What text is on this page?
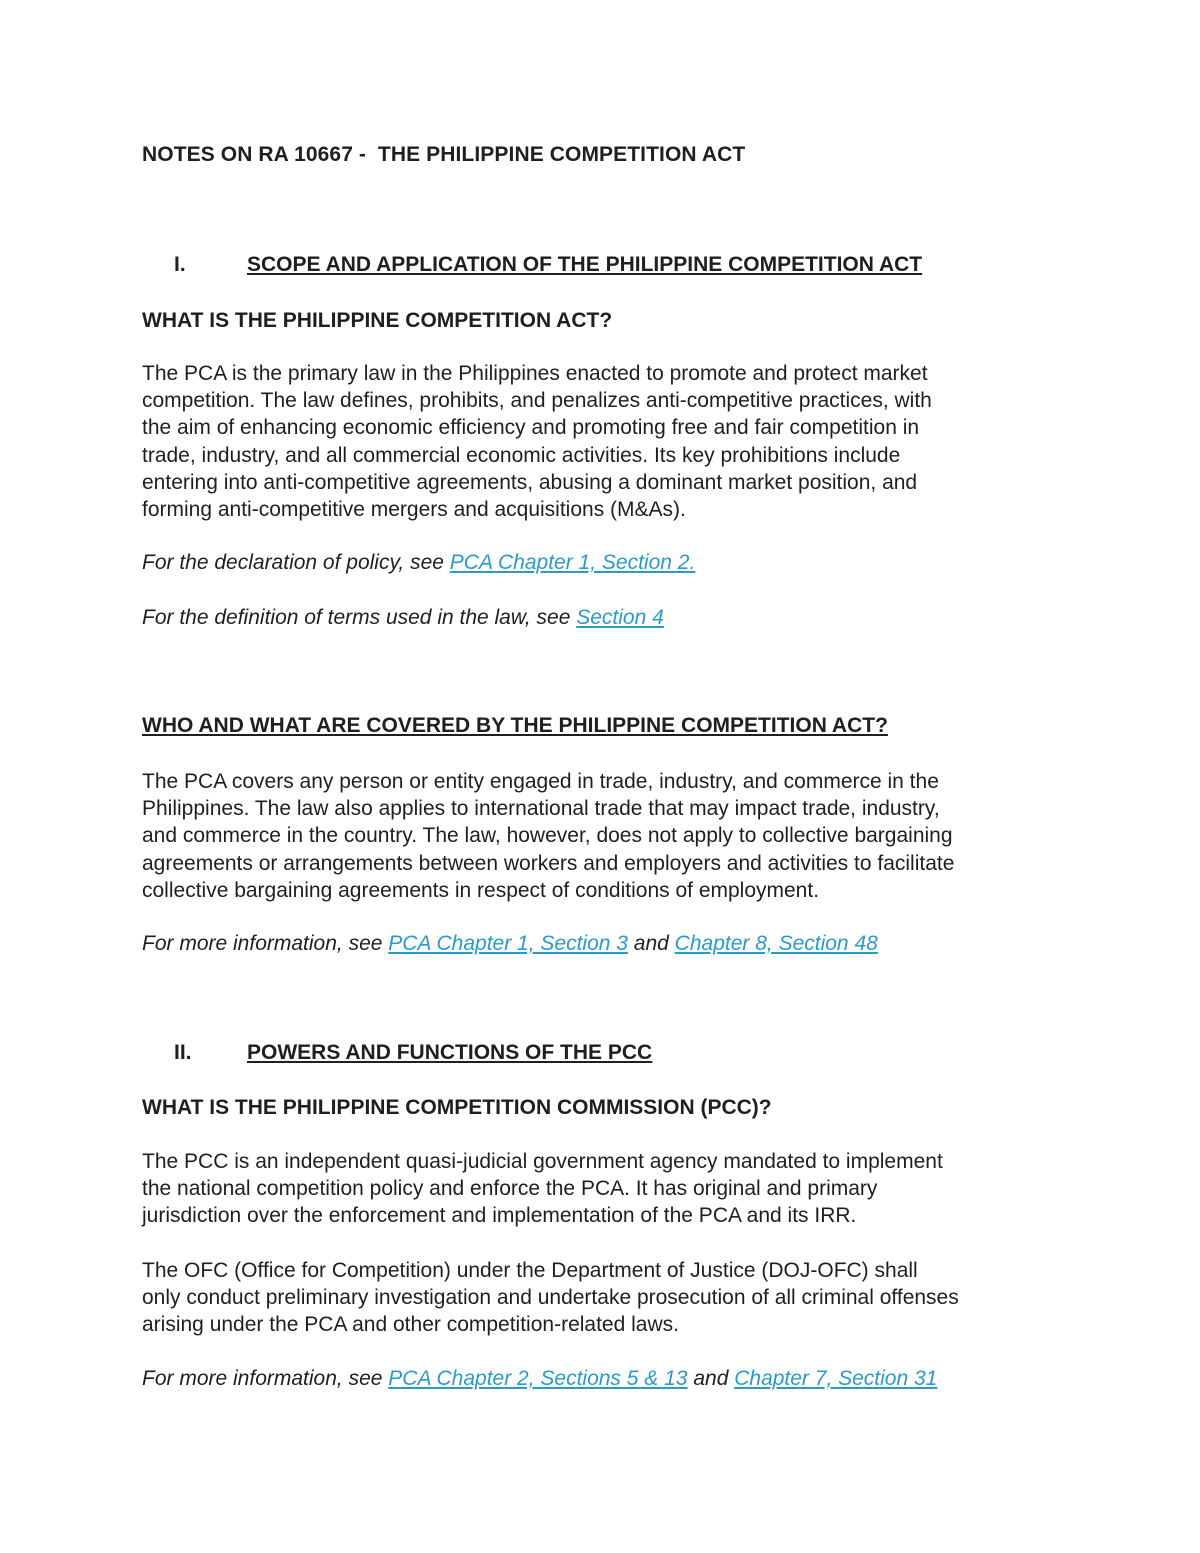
NOTES ON RA 10667 -  THE PHILIPPINE COMPETITION ACT
I.	SCOPE AND APPLICATION OF THE PHILIPPINE COMPETITION ACT
WHAT IS THE PHILIPPINE COMPETITION ACT?
The PCA is the primary law in the Philippines enacted to promote and protect market
competition. The law defines, prohibits, and penalizes anti-competitive practices, with
the aim of enhancing economic efficiency and promoting free and fair competition in
trade, industry, and all commercial economic activities. Its key prohibitions include
entering into anti-competitive agreements, abusing a dominant market position, and
forming anti-competitive mergers and acquisitions (M&As).
For the declaration of policy, see PCA Chapter 1, Section 2.
For the definition of terms used in the law, see Section 4
WHO AND WHAT ARE COVERED BY THE PHILIPPINE COMPETITION ACT?
The PCA covers any person or entity engaged in trade, industry, and commerce in the
Philippines. The law also applies to international trade that may impact trade, industry,
and commerce in the country. The law, however, does not apply to collective bargaining
agreements or arrangements between workers and employers and activities to facilitate
collective bargaining agreements in respect of conditions of employment.
For more information, see PCA Chapter 1, Section 3 and Chapter 8, Section 48
II.	POWERS AND FUNCTIONS OF THE PCC
WHAT IS THE PHILIPPINE COMPETITION COMMISSION (PCC)?
The PCC is an independent quasi-judicial government agency mandated to implement
the national competition policy and enforce the PCA. It has original and primary
jurisdiction over the enforcement and implementation of the PCA and its IRR.
The OFC (Office for Competition) under the Department of Justice (DOJ-OFC) shall
only conduct preliminary investigation and undertake prosecution of all criminal offenses
arising under the PCA and other competition-related laws.
For more information, see PCA Chapter 2, Sections 5 & 13 and Chapter 7, Section 31
